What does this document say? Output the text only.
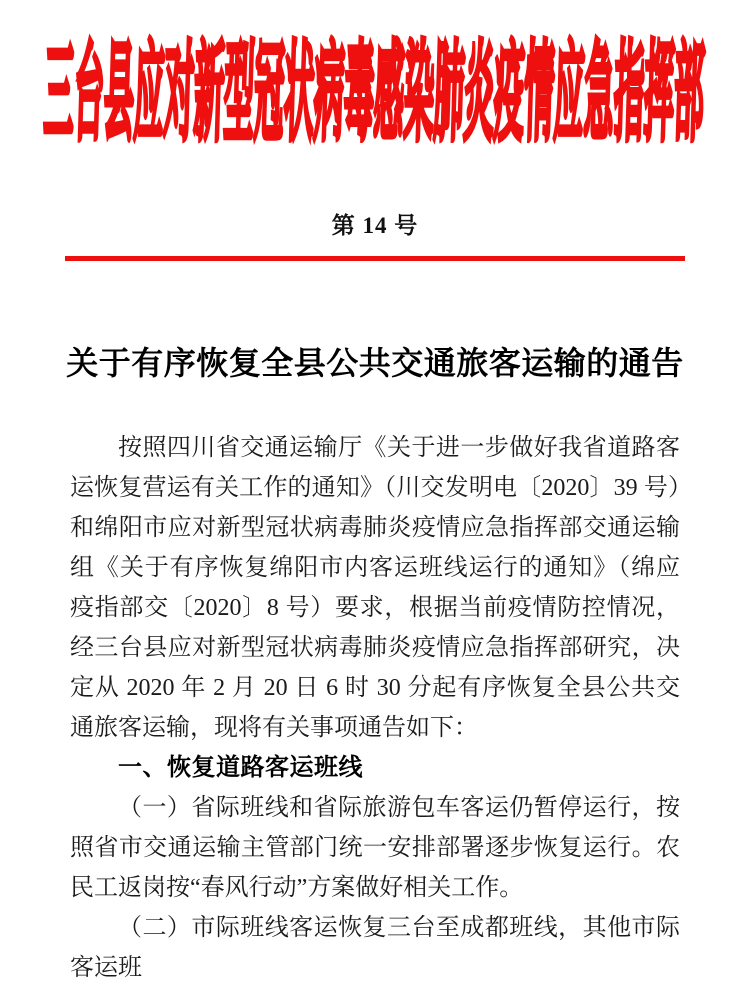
三台县应对新型冠状病毒感染肺炎疫情应急指挥部
第 14 号
关于有序恢复全县公共交通旅客运输的通告

按照四川省交通运输厅《关于进一步做好我省道路客运恢复营运有关工作的通知》（川交发明电〔2020〕39 号）和绵阳市应对新型冠状病毒肺炎疫情应急指挥部交通运输组《关于有序恢复绵阳市内客运班线运行的通知》（绵应疫指部交〔2020〕8 号）要求，根据当前疫情防控情况，经三台县应对新型冠状病毒肺炎疫情应急指挥部研究，决定从 2020 年 2 月 20 日 6 时 30 分起有序恢复全县公共交通旅客运输，现将有关事项通告如下：

一、恢复道路客运班线

（一）省际班线和省际旅游包车客运仍暂停运行，按照省市交通运输主管部门统一安排部署逐步恢复运行。农民工返岗按“春风行动”方案做好相关工作。

（二）市际班线客运恢复三台至成都班线，其他市际客运班
